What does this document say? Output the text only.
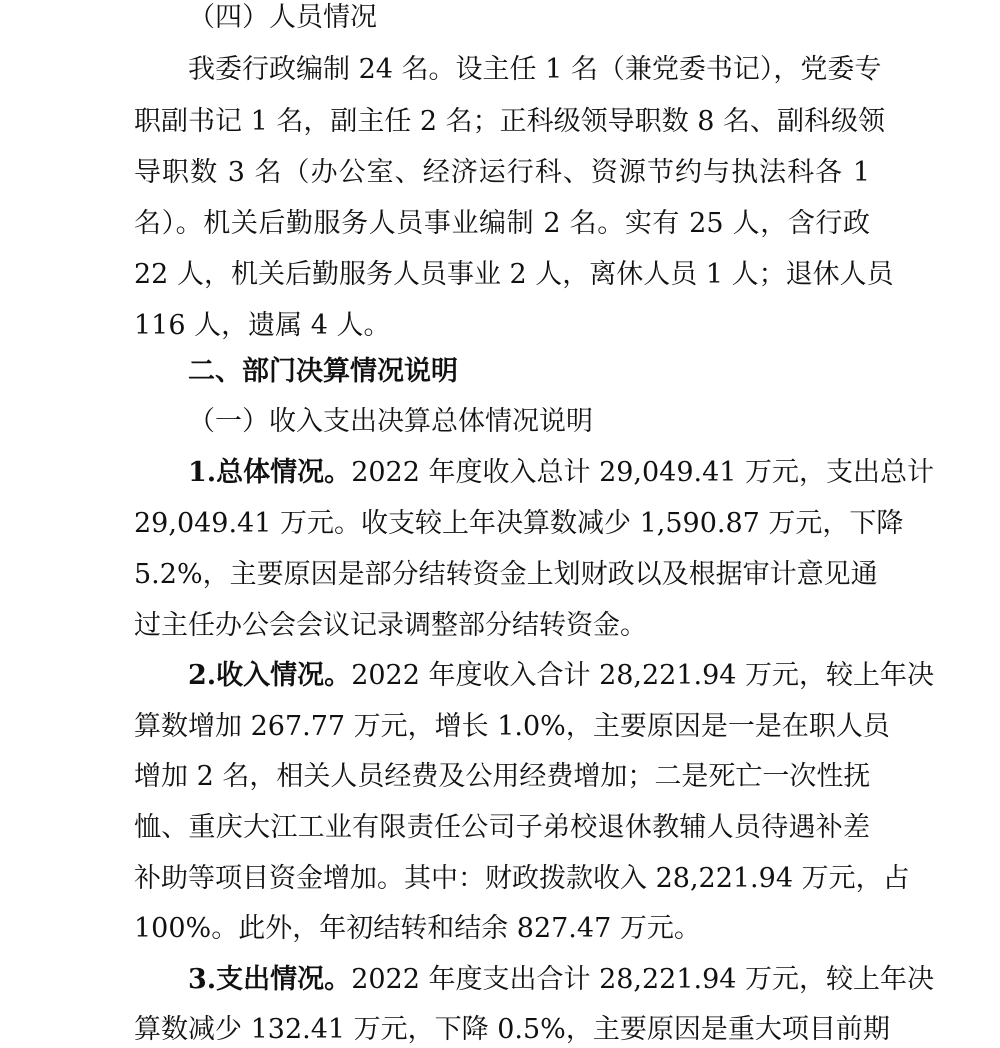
（四）人员情况
我委行政编制 24 名。设主任 1 名（兼党委书记），党委专
职副书记 1 名，副主任 2 名；正科级领导职数 8 名、副科级领
导职数 3 名（办公室、经济运行科、资源节约与执法科各 1
名）。机关后勤服务人员事业编制 2 名。实有 25 人，含行政
22 人，机关后勤服务人员事业 2 人，离休人员 1 人；退休人员
116 人，遗属 4 人。
二、部门决算情况说明
（一）收入支出决算总体情况说明
1.总体情况。2022 年度收入总计 29,049.41 万元，支出总计
29,049.41 万元。收支较上年决算数减少 1,590.87 万元，下降
5.2%，主要原因是部分结转资金上划财政以及根据审计意见通
过主任办公会会议记录调整部分结转资金。
2.收入情况。2022 年度收入合计 28,221.94 万元，较上年决
算数增加 267.77 万元，增长 1.0%，主要原因是一是在职人员
增加 2 名，相关人员经费及公用经费增加；二是死亡一次性抚
恤、重庆大江工业有限责任公司子弟校退休教辅人员待遇补差
补助等项目资金增加。其中：财政拨款收入 28,221.94 万元，占
100%。此外，年初结转和结余 827.47 万元。
3.支出情况。2022 年度支出合计 28,221.94 万元，较上年决
算数减少 132.41 万元，下降 0.5%，主要原因是重大项目前期
